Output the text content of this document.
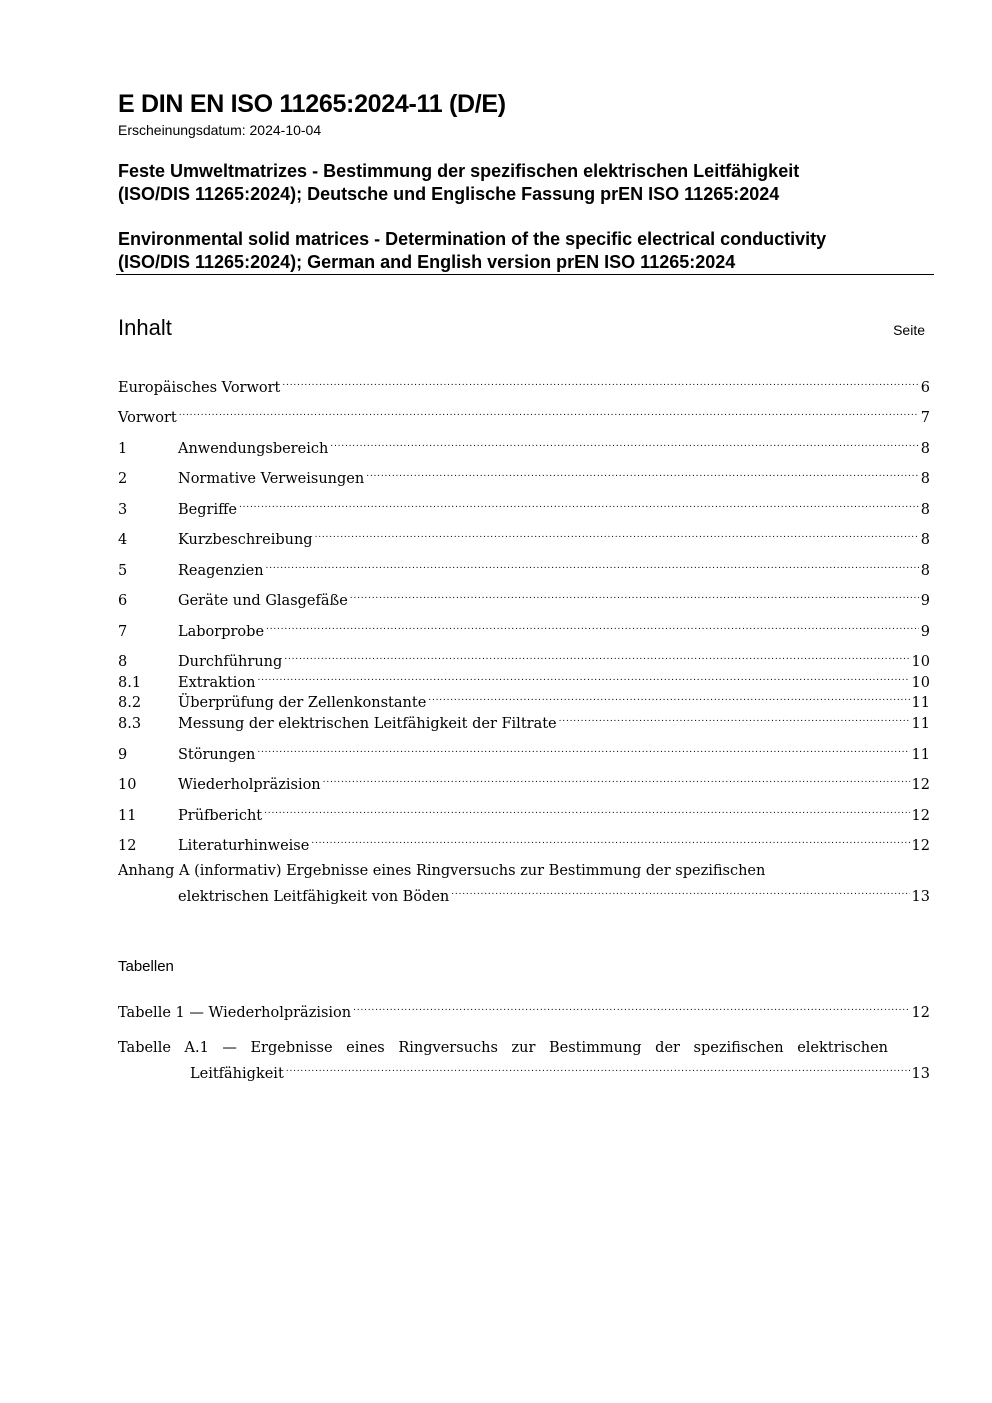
E DIN EN ISO 11265:2024-11 (D/E)
Erscheinungsdatum: 2024-10-04
Feste Umweltmatrizes - Bestimmung der spezifischen elektrischen Leitfähigkeit
(ISO/DIS 11265:2024); Deutsche und Englische Fassung prEN ISO 11265:2024
Environmental solid matrices - Determination of the specific electrical conductivity
(ISO/DIS 11265:2024); German and English version prEN ISO 11265:2024
Inhalt	Seite
Europäisches Vorwort .....	6
Vorwort .....	7
1	Anwendungsbereich .....	8
2	Normative Verweisungen .....	8
3	Begriffe .....	8
4	Kurzbeschreibung .....	8
5	Reagenzien .....	8
6	Geräte und Glasgefäße .....	9
7	Laborprobe .....	9
8	Durchführung .....	10
8.1	Extraktion .....	10
8.2	Überprüfung der Zellenkonstante .....	11
8.3	Messung der elektrischen Leitfähigkeit der Filtrate .....	11
9	Störungen .....	11
10	Wiederholpräzision .....	12
11	Prüfbericht .....	12
12	Literaturhinweise .....	12
Anhang A (informativ) Ergebnisse eines Ringversuchs zur Bestimmung der spezifischen
elektrischen Leitfähigkeit von Böden .....	13
Tabellen
Tabelle 1 — Wiederholpräzision .....	12
Tabelle A.1 — Ergebnisse eines Ringversuchs zur Bestimmung der spezifischen elektrischen
Leitfähigkeit .....	13
